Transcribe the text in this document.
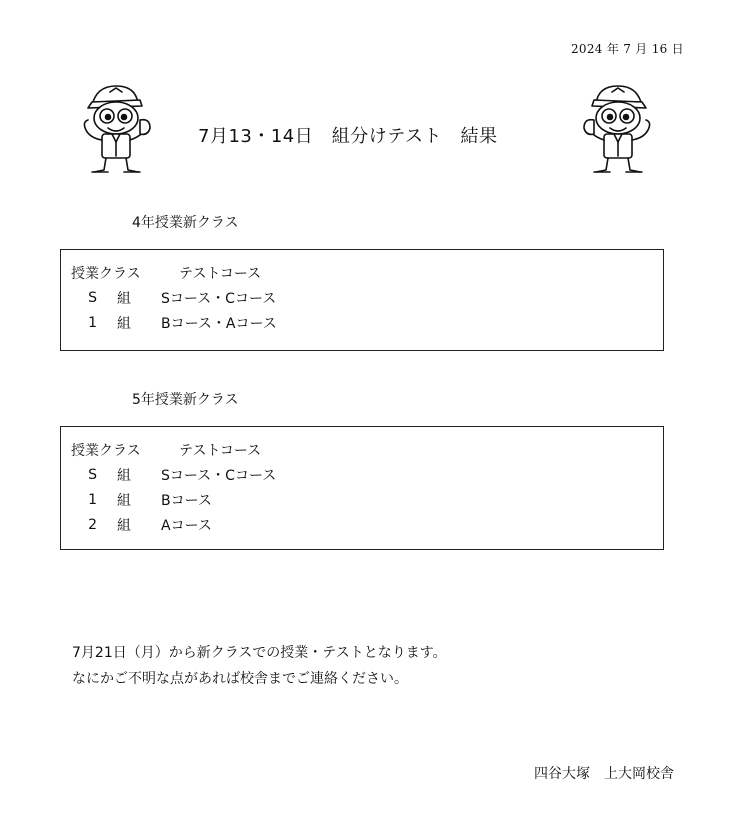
2024 年 7 月 16 日
7月13・14日　組分けテスト　結果
4年授業新クラス
授業クラス	テストコース
S	組	Sコース・Cコース
1	組	Bコース・Aコース
5年授業新クラス
授業クラス	テストコース
S	組	Sコース・Cコース
1	組	Bコース
2	組	Aコース
7月21日（月）から新クラスでの授業・テストとなります。
なにかご不明な点があれば校舎までご連絡ください。
四谷大塚　上大岡校舎
